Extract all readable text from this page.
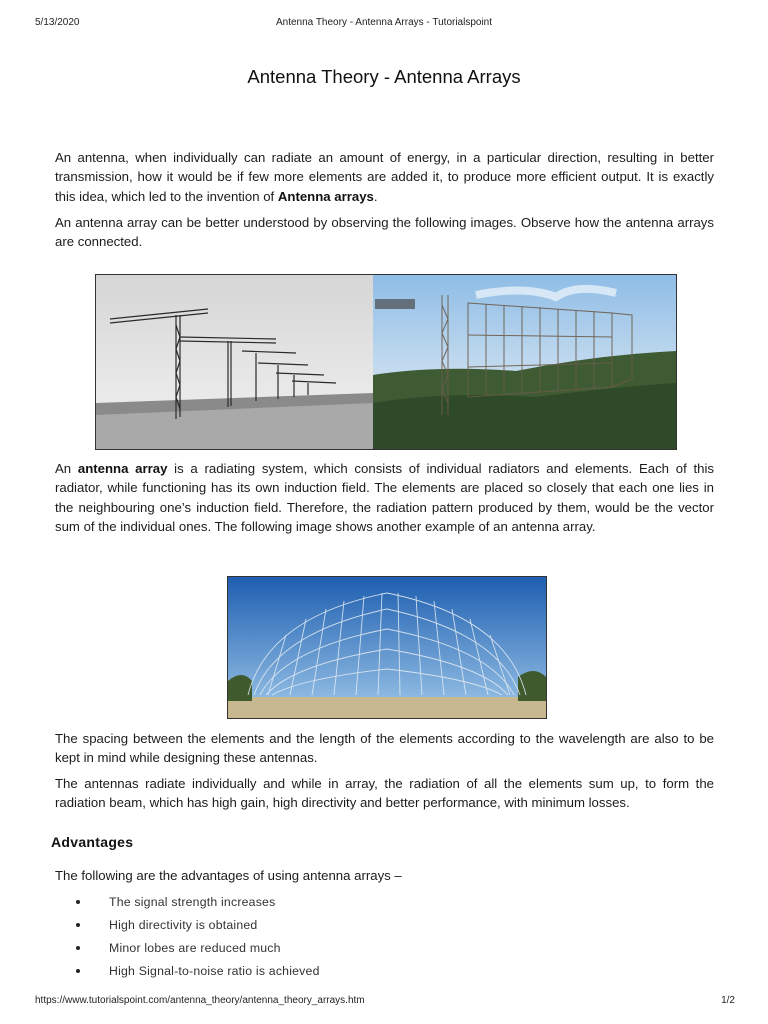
5/13/2020	Antenna Theory - Antenna Arrays - Tutorialspoint
Antenna Theory - Antenna Arrays

An antenna, when individually can radiate an amount of energy, in a particular direction, resulting in better transmission, how it would be if few more elements are added it, to produce more efficient output. It is exactly this idea, which led to the invention of Antenna arrays.

An antenna array can be better understood by observing the following images. Observe how the antenna arrays are connected.

An antenna array is a radiating system, which consists of individual radiators and elements. Each of this radiator, while functioning has its own induction field. The elements are placed so closely that each one lies in the neighbouring one’s induction field. Therefore, the radiation pattern produced by them, would be the vector sum of the individual ones. The following image shows another example of an antenna array.

The spacing between the elements and the length of the elements according to the wavelength are also to be kept in mind while designing these antennas.

The antennas radiate individually and while in array, the radiation of all the elements sum up, to form the radiation beam, which has high gain, high directivity and better performance, with minimum losses.

Advantages

The following are the advantages of using antenna arrays –

The signal strength increases
High directivity is obtained
Minor lobes are reduced much
High Signal-to-noise ratio is achieved
https://www.tutorialspoint.com/antenna_theory/antenna_theory_arrays.htm	1/2
